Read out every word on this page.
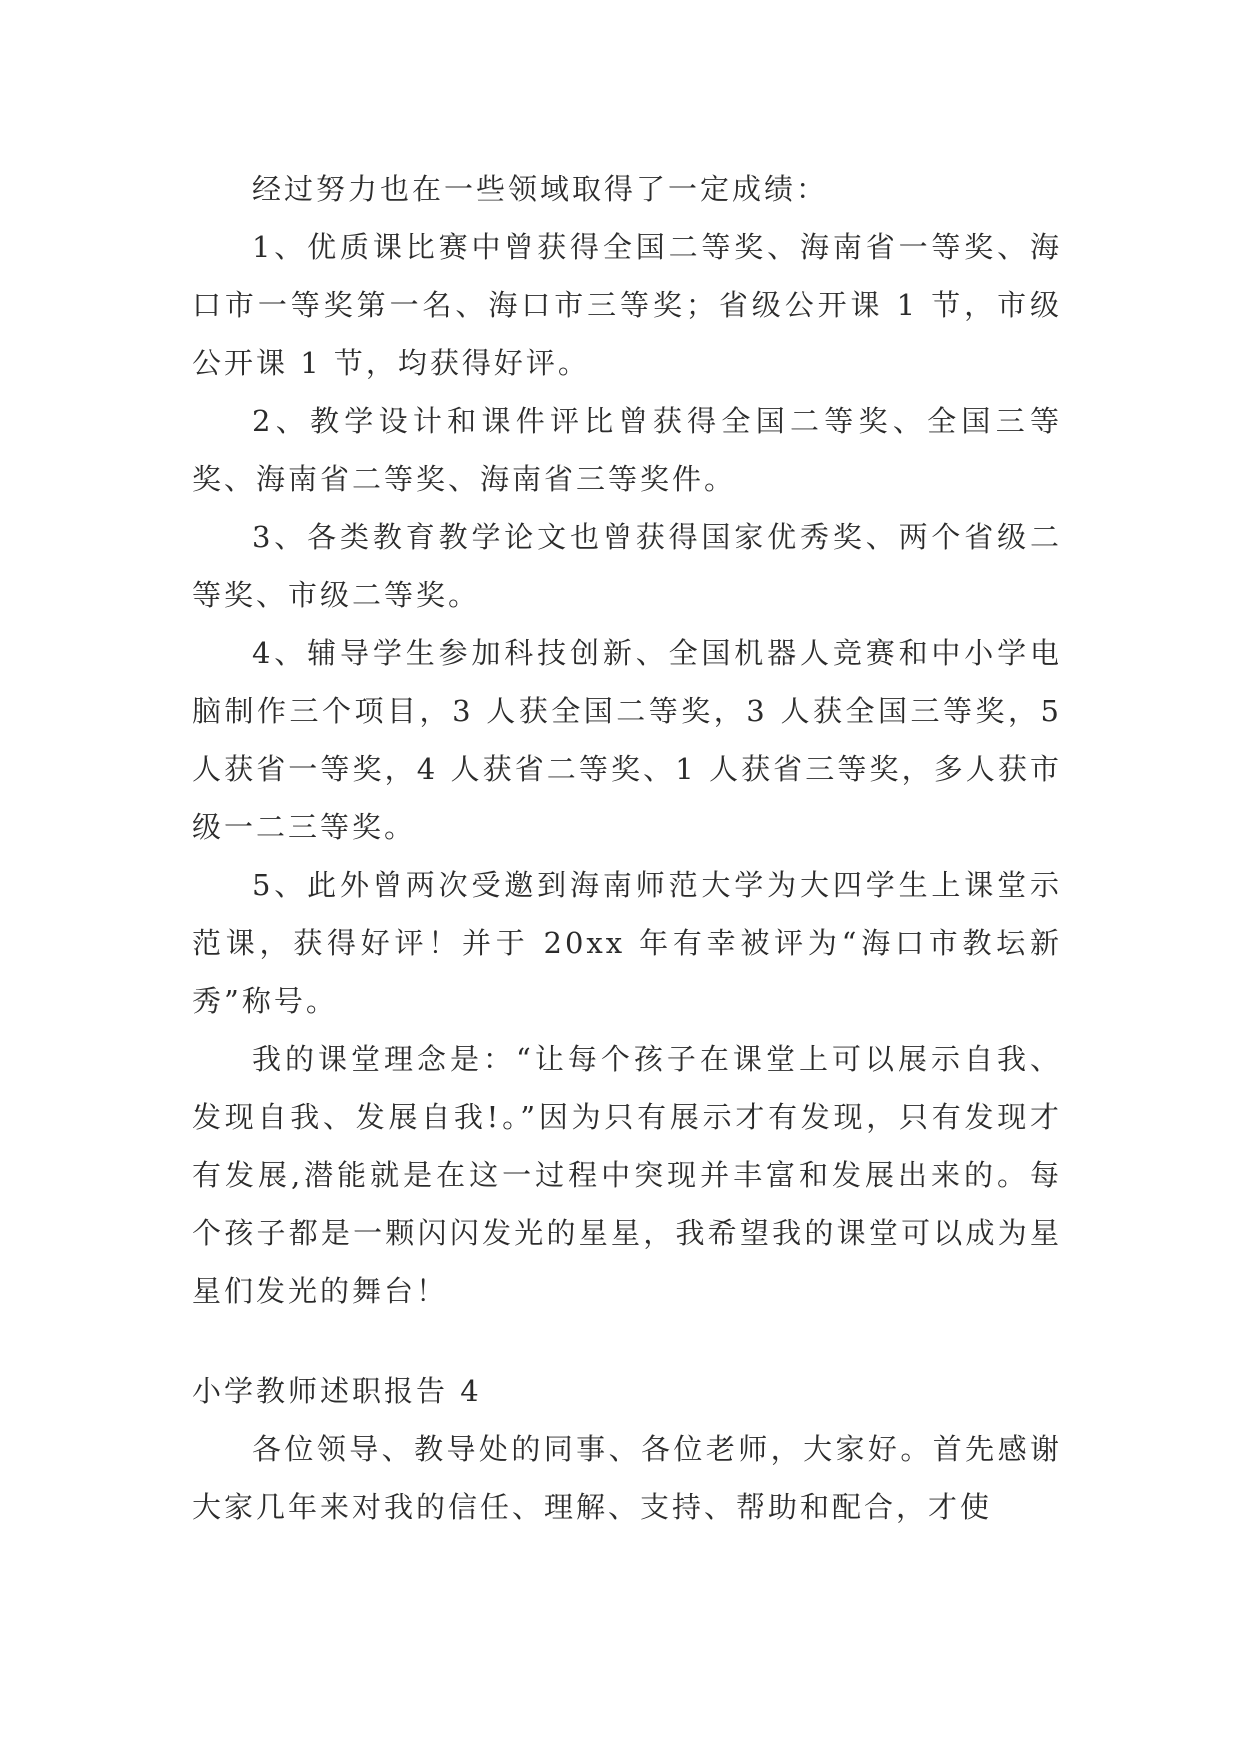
经过努力也在一些领域取得了一定成绩：

1、优质课比赛中曾获得全国二等奖、海南省一等奖、海口市一等奖第一名、海口市三等奖；省级公开课 1 节，市级公开课 1 节，均获得好评。

2、教学设计和课件评比曾获得全国二等奖、全国三等奖、海南省二等奖、海南省三等奖件。

3、各类教育教学论文也曾获得国家优秀奖、两个省级二等奖、市级二等奖。

4、辅导学生参加科技创新、全国机器人竞赛和中小学电脑制作三个项目，3 人获全国二等奖，3 人获全国三等奖，5 人获省一等奖，4 人获省二等奖、1 人获省三等奖，多人获市级一二三等奖。

5、此外曾两次受邀到海南师范大学为大四学生上课堂示范课，获得好评！并于 20xx 年有幸被评为“海口市教坛新秀”称号。

我的课堂理念是：“让每个孩子在课堂上可以展示自我、发现自我、发展自我!。”因为只有展示才有发现，只有发现才有发展,潜能就是在这一过程中突现并丰富和发展出来的。每个孩子都是一颗闪闪发光的星星，我希望我的课堂可以成为星星们发光的舞台！

小学教师述职报告 4

各位领导、教导处的同事、各位老师，大家好。首先感谢大家几年来对我的信任、理解、支持、帮助和配合，才使
